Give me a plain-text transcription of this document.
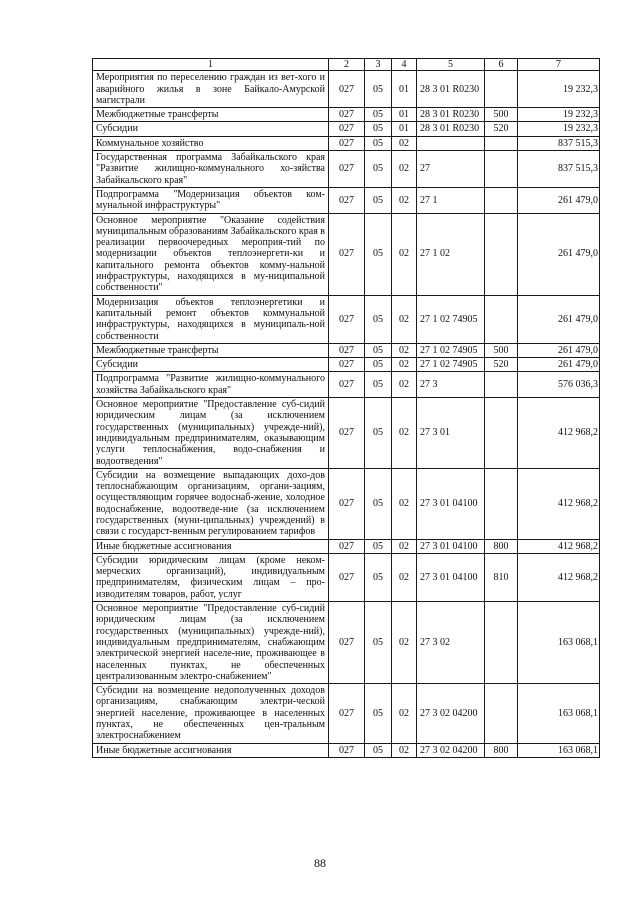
1	2	3	4	5	6	7
Мероприятия по переселению граждан из вет-хого и аварийного жилья в зоне Байкало-Амурской магистрали	027	05	01	28 3 01 R0230		19 232,3
Межбюджетные трансферты	027	05	01	28 3 01 R0230	500	19 232,3
Субсидии	027	05	01	28 3 01 R0230	520	19 232,3
Коммунальное хозяйство	027	05	02			837 515,3
Государственная программа Забайкальского края "Развитие жилищно-коммунального хо-зяйства Забайкальского края"	027	05	02	27		837 515,3
Подпрограмма "Модернизация объектов ком-мунальной инфраструктуры"	027	05	02	27 1		261 479,0
Основное мероприятие "Оказание содействия муниципальным образованиям Забайкальского края в реализации первоочередных мероприя-тий по модернизации объектов теплоэнергети-ки и капитального ремонта объектов комму-нальной инфраструктуры, находящихся в му-ниципальной собственности"	027	05	02	27 1 02		261 479,0
Модернизация объектов теплоэнергетики и капитальный ремонт объектов коммунальной инфраструктуры, находящихся в муниципаль-ной собственности	027	05	02	27 1 02 74905		261 479,0
Межбюджетные трансферты	027	05	02	27 1 02 74905	500	261 479,0
Субсидии	027	05	02	27 1 02 74905	520	261 479,0
Подпрограмма "Развитие жилищно-коммунального хозяйства Забайкальского края"	027	05	02	27 3		576 036,3
Основное мероприятие "Предоставление суб-сидий юридическим лицам (за исключением государственных (муниципальных) учрежде-ний), индивидуальным предпринимателям, оказывающим услуги теплоснабжения, водо-снабжения и водоотведения"	027	05	02	27 3 01		412 968,2
Субсидии на возмещение выпадающих дохо-дов теплоснабжающим организациям, органи-зациям, осуществляющим горячее водоснаб-жение, холодное водоснабжение, водоотведе-ние (за исключением государственных (муни-ципальных) учреждений) в связи с государст-венным регулированием тарифов	027	05	02	27 3 01 04100		412 968,2
Иные бюджетные ассигнования	027	05	02	27 3 01 04100	800	412 968,2
Субсидии юридическим лицам (кроме неком-мерческих организаций), индивидуальным предпринимателям, физическим лицам – про-изводителям товаров, работ, услуг	027	05	02	27 3 01 04100	810	412 968,2
Основное мероприятие "Предоставление суб-сидий юридическим лицам (за исключением государственных (муниципальных) учрежде-ний), индивидуальным предпринимателям, снабжающим электрической энергией населе-ние, проживающее в населенных пунктах, не обеспеченных централизованным электро-снабжением"	027	05	02	27 3 02		163 068,1
Субсидии на возмещение недополученных доходов организациям, снабжающим электри-ческой энергией население, проживающее в населенных пунктах, не обеспеченных цен-тральным электроснабжением	027	05	02	27 3 02 04200		163 068,1
Иные бюджетные ассигнования	027	05	02	27 3 02 04200	800	163 068,1
88
